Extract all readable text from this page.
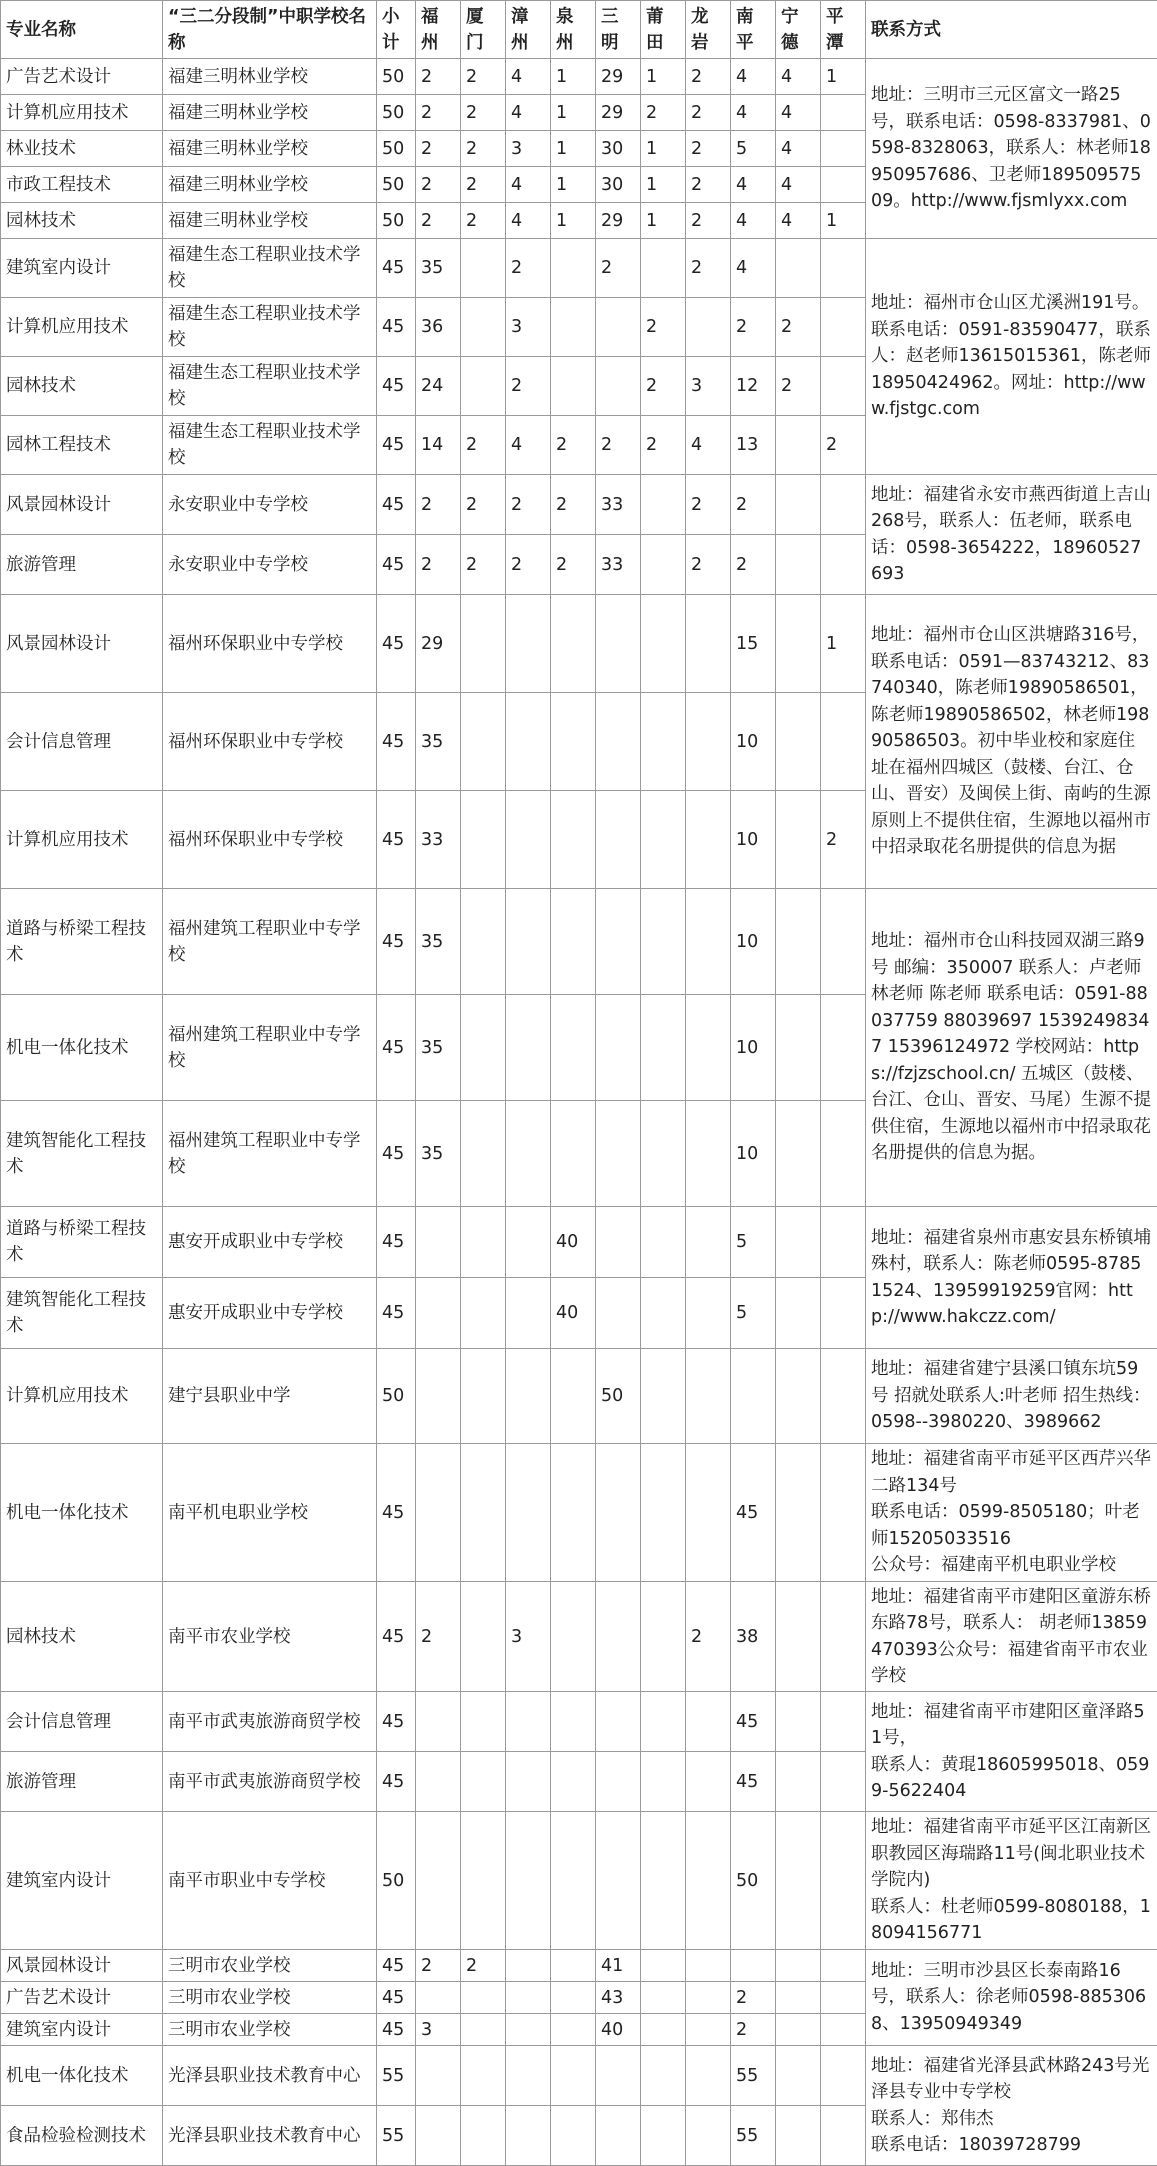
专业名称	“三二分段制”中职学校名称	小计	福州	厦门	漳州	泉州	三明	莆田	龙岩	南平	宁德	平潭	联系方式
广告艺术设计	福建三明林业学校	50	2	2	4	1	29	1	2	4	4	1	地址：三明市三元区富文一路25号，联系电话：0598-8337981、0598-8328063，联系人：林老师18950957686、卫老师18950957509。http://www.fjsmlyxx.com
计算机应用技术	福建三明林业学校	50	2	2	4	1	29	2	2	4	4		
林业技术	福建三明林业学校	50	2	2	3	1	30	1	2	5	4		
市政工程技术	福建三明林业学校	50	2	2	4	1	30	1	2	4	4		
园林技术	福建三明林业学校	50	2	2	4	1	29	1	2	4	4	1	
建筑室内设计	福建生态工程职业技术学校	45	35		2		2		2	4			地址：福州市仓山区尤溪洲191号。联系电话：0591-83590477，联系人：赵老师13615015361，陈老师18950424962。网址：http://www.fjstgc.com
计算机应用技术	福建生态工程职业技术学校	45	36		3			2		2	2		
园林技术	福建生态工程职业技术学校	45	24		2			2	3	12	2		
园林工程技术	福建生态工程职业技术学校	45	14	2	4	2	2	2	4	13		2	
风景园林设计	永安职业中专学校	45	2	2	2	2	33		2	2			地址：福建省永安市燕西街道上吉山268号，联系人：伍老师，联系电话：0598-3654222，18960527693
旅游管理	永安职业中专学校	45	2	2	2	2	33		2	2			
风景园林设计	福州环保职业中专学校	45	29							15		1	地址：福州市仓山区洪塘路316号，联系电话：0591—83743212、83740340，陈老师19890586501，陈老师19890586502，林老师19890586503。初中毕业校和家庭住址在福州四城区（鼓楼、台江、仓山、晋安）及闽侯上街、南屿的生源原则上不提供住宿，生源地以福州市中招录取花名册提供的信息为据
会计信息管理	福州环保职业中专学校	45	35							10			
计算机应用技术	福州环保职业中专学校	45	33							10		2	
道路与桥梁工程技术	福州建筑工程职业中专学校	45	35							10			地址：福州市仓山科技园双湖三路9号 邮编：350007 联系人：卢老师 林老师 陈老师 联系电话：0591-88037759 88039697 15392498347 15396124972 学校网站：https://fzjzschool.cn/ 五城区（鼓楼、台江、仓山、晋安、马尾）生源不提供住宿，生源地以福州市中招录取花名册提供的信息为据。
机电一体化技术	福州建筑工程职业中专学校	45	35							10			
建筑智能化工程技术	福州建筑工程职业中专学校	45	35							10			
道路与桥梁工程技术	惠安开成职业中专学校	45				40				5			地址：福建省泉州市惠安县东桥镇埔殊村，联系人：陈老师0595-87851524、13959919259官网：http://www.hakczz.com/
建筑智能化工程技术	惠安开成职业中专学校	45				40				5			
计算机应用技术	建宁县职业中学	50					50						地址：福建省建宁县溪口镇东坑59号 招就处联系人:叶老师 招生热线：0598--3980220、3989662
机电一体化技术	南平机电职业学校	45								45			地址：福建省南平市延平区西芹兴华二路134号
联系电话：0599-8505180；叶老师15205033516
公众号：福建南平机电职业学校
园林技术	南平市农业学校	45	2		3				2	38			地址：福建省南平市建阳区童游东桥东路78号，联系人： 胡老师13859470393公众号：福建省南平市农业学校
会计信息管理	南平市武夷旅游商贸学校	45								45			地址：福建省南平市建阳区童泽路51号，
联系人：黄琨18605995018、0599-5622404
旅游管理	南平市武夷旅游商贸学校	45								45			
建筑室内设计	南平市职业中专学校	50								50			地址：福建省南平市延平区江南新区职教园区海瑞路11号(闽北职业技术学院内)
联系人：杜老师0599-8080188，18094156771
风景园林设计	三明市农业学校	45	2	2			41						地址：三明市沙县区长泰南路16号，联系人：徐老师0598-8853068、13950949349
广告艺术设计	三明市农业学校	45					43			2			
建筑室内设计	三明市农业学校	45	3				40			2			
机电一体化技术	光泽县职业技术教育中心	55								55			地址：福建省光泽县武林路243号光泽县专业中专学校
联系人：郑伟杰
联系电话：18039728799
食品检验检测技术	光泽县职业技术教育中心	55								55			
